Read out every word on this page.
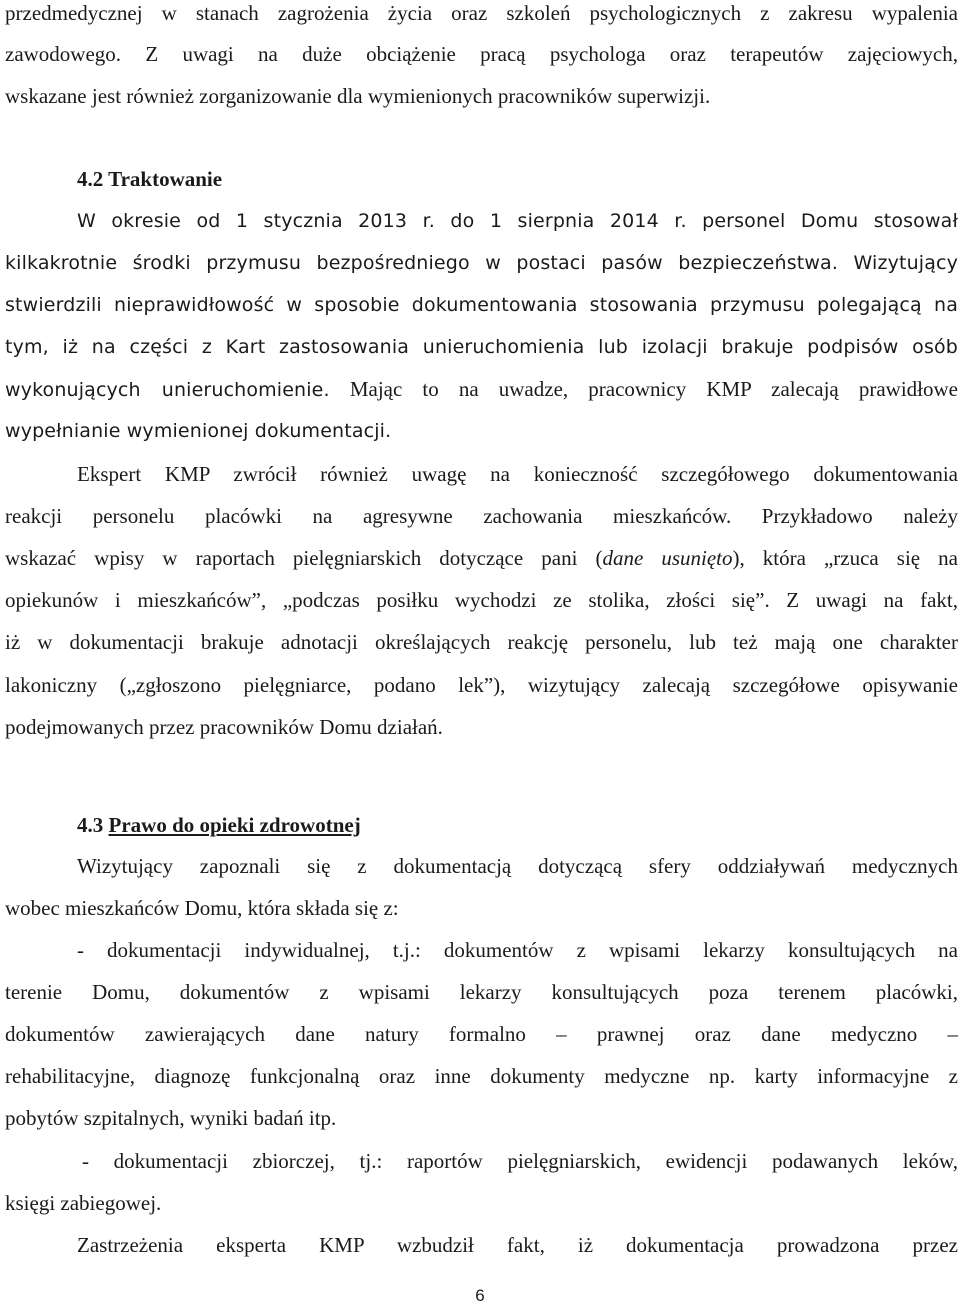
przedmedycznej w stanach zagrożenia życia oraz szkoleń psychologicznych z zakresu wypalenia
zawodowego. Z uwagi na duże obciążenie pracą psychologa oraz terapeutów zajęciowych,
wskazane jest również zorganizowanie dla wymienionych pracowników superwizji.
4.2 Traktowanie
W okresie od 1 stycznia 2013 r. do 1 sierpnia 2014 r. personel Domu stosował
kilkakrotnie środki przymusu bezpośredniego w postaci pasów bezpieczeństwa. Wizytujący
stwierdzili nieprawidłowość w sposobie dokumentowania stosowania przymusu polegającą na
tym, iż na części z Kart zastosowania unieruchomienia lub izolacji brakuje podpisów osób
wykonujących unieruchomienie. Mając to na uwadze, pracownicy KMP zalecają prawidłowe
wypełnianie wymienionej dokumentacji.
Ekspert KMP zwrócił również uwagę na konieczność szczegółowego dokumentowania
reakcji personelu placówki na agresywne zachowania mieszkańców. Przykładowo należy
wskazać wpisy w raportach pielęgniarskich dotyczące pani (dane usunięto), która „rzuca się na
opiekunów i mieszkańców”, „podczas posiłku wychodzi ze stolika, złości się”. Z uwagi na fakt,
iż w dokumentacji brakuje adnotacji określających reakcję personelu, lub też mają one charakter
lakoniczny („zgłoszono pielęgniarce, podano lek”), wizytujący zalecają szczegółowe opisywanie
podejmowanych przez pracowników Domu działań.
4.3 Prawo do opieki zdrowotnej
Wizytujący zapoznali się z dokumentacją dotyczącą sfery oddziaływań medycznych
wobec mieszkańców Domu, która składa się z:
- dokumentacji indywidualnej, t.j.: dokumentów z wpisami lekarzy konsultujących na
terenie Domu, dokumentów z wpisami lekarzy konsultujących poza terenem placówki,
dokumentów zawierających dane natury formalno – prawnej oraz dane medyczno –
rehabilitacyjne, diagnozę funkcjonalną oraz inne dokumenty medyczne np. karty informacyjne z
pobytów szpitalnych, wyniki badań itp.
- dokumentacji zbiorczej, tj.: raportów pielęgniarskich, ewidencji podawanych leków,
księgi zabiegowej.
Zastrzeżenia eksperta KMP wzbudził fakt, iż dokumentacja prowadzona przez
6
